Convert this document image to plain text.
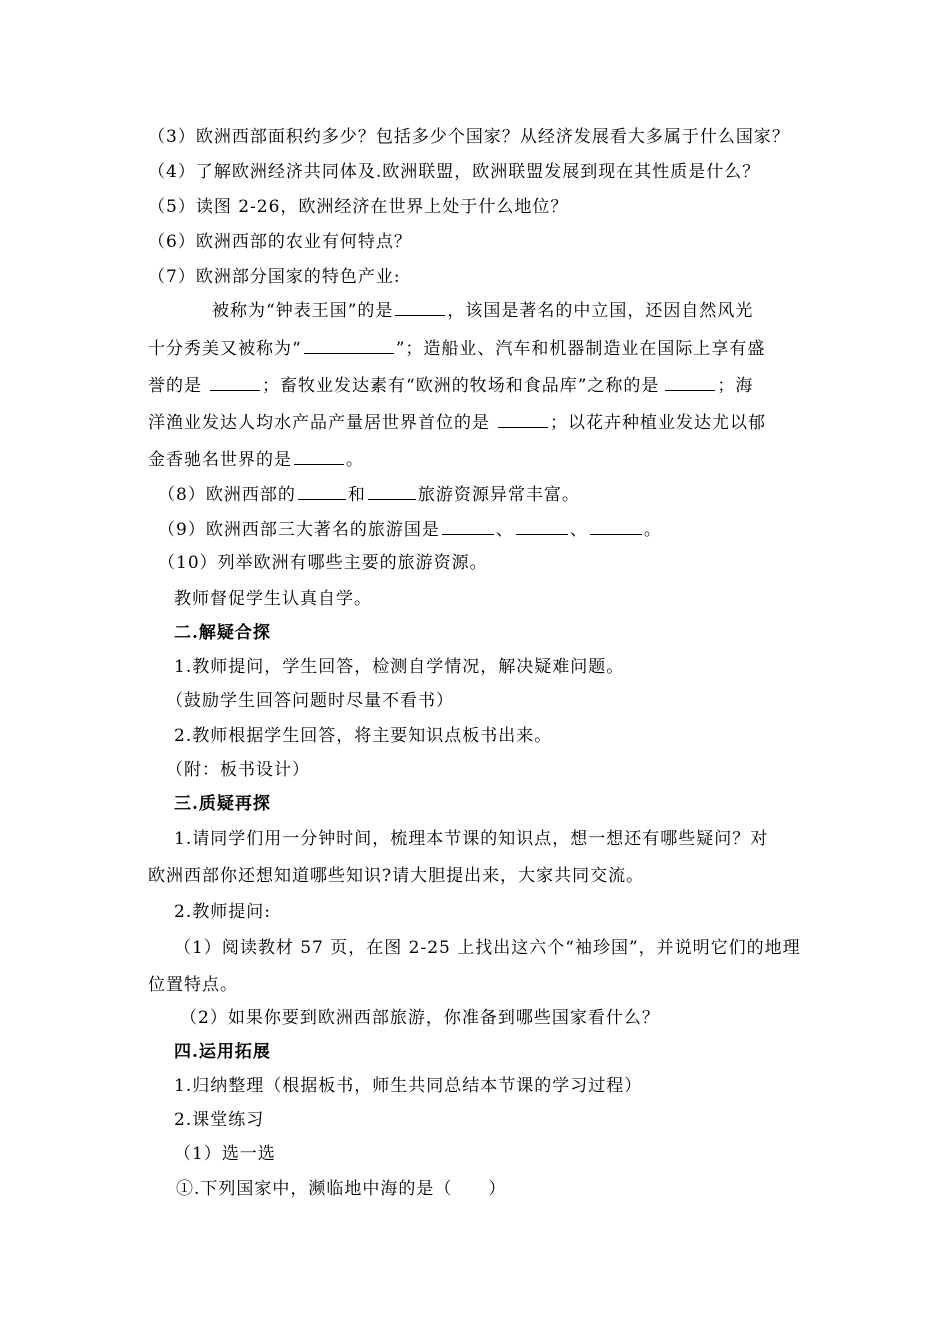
（3）欧洲西部面积约多少？包括多少个国家？从经济发展看大多属于什么国家？
（4）了解欧洲经济共同体及.欧洲联盟，欧洲联盟发展到现在其性质是什么？
（5）读图 2-26，欧洲经济在世界上处于什么地位？
（6）欧洲西部的农业有何特点？
（7）欧洲部分国家的特色产业:
被称为“钟表王国”的是	，该国是著名的中立国，还因自然风光
十分秀美又被称为“	”；造船业、汽车和机器制造业在国际上享有盛
誉的是	；畜牧业发达素有“欧洲的牧场和食品库”之称的是	；海
洋渔业发达人均水产品产量居世界首位的是	；以花卉种植业发达尤以郁
金香驰名世界的是	。
（8）欧洲西部的	和	旅游资源异常丰富。
（9）欧洲西部三大著名的旅游国是	、	、	。
（10）列举欧洲有哪些主要的旅游资源。
教师督促学生认真自学。
二.解疑合探
1.教师提问，学生回答，检测自学情况，解决疑难问题。
（鼓励学生回答问题时尽量不看书）
2.教师根据学生回答，将主要知识点板书出来。
（附：板书设计）
三.质疑再探
1.请同学们用一分钟时间，梳理本节课的知识点，想一想还有哪些疑问？对
欧洲西部你还想知道哪些知识?请大胆提出来，大家共同交流。
2.教师提问:
（1）阅读教材 57 页，在图 2-25 上找出这六个“袖珍国”，并说明它们的地理
位置特点。
（2）如果你要到欧洲西部旅游，你准备到哪些国家看什么？
四.运用拓展
1.归纳整理（根据板书，师生共同总结本节课的学习过程）
2.课堂练习
（1）选一选
①.下列国家中，濒临地中海的是（　　）
